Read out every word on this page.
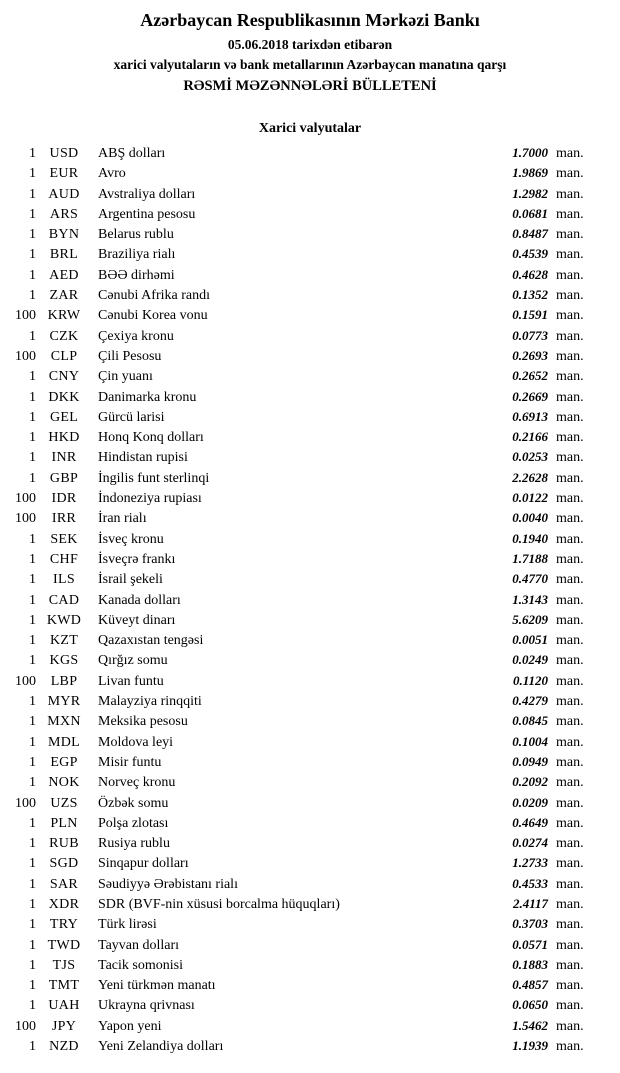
Azərbaycan Respublikasının Mərkəzi Bankı
05.06.2018 tarixdən etibarən
xarici valyutaların və bank metallarının Azərbaycan manatına qarşı
RƏSMİ MƏZƏNNƏLƏRİ BÜLLETENİ
Xarici valyutalar
1 USD	ABŞ dolları	1.7000 man.
1 EUR	Avro	1.9869 man.
1 AUD	Avstraliya dolları	1.2982 man.
1 ARS	Argentina pesosu	0.0681 man.
1 BYN	Belarus rublu	0.8487 man.
1 BRL	Braziliya rialı	0.4539 man.
1 AED	BƏƏ dirhəmi	0.4628 man.
1 ZAR	Cənubi Afrika randı	0.1352 man.
100 KRW	Cənubi Korea vonu	0.1591 man.
1 CZK	Çexiya kronu	0.0773 man.
100	CLP	Çili Pesosu	0.2693 man.
1 CNY	Çin yuanı	0.2652 man.
1 DKK	Danimarka kronu	0.2669 man.
1 GEL	Gürcü larisi	0.6913 man.
1 HKD	Honq Konq dolları	0.2166 man.
1	INR	Hindistan rupisi	0.0253 man.
1 GBP	İngilis funt sterlinqi	2.2628 man.
100	IDR	İndoneziya rupiası	0.0122 man.
100	IRR	İran rialı	0.0040 man.
1	SEK	İsveç kronu	0.1940 man.
1 CHF	İsveçrə frankı	1.7188 man.
1	ILS	İsrail şekeli	0.4770 man.
1 CAD	Kanada dolları	1.3143 man.
1 KWD	Küveyt dinarı	5.6209 man.
1 KZT	Qazaxıstan tengəsi	0.0051 man.
1 KGS	Qırğız somu	0.0249 man.
100	LBP	Livan funtu	0.1120 man.
1 MYR	Malayziya rinqqiti	0.4279 man.
1 MXN	Meksika pesosu	0.0845 man.
1 MDL	Moldova leyi	0.1004 man.
1	EGP	Misir funtu	0.0949 man.
1 NOK	Norveç kronu	0.2092 man.
100	UZS	Özbək somu	0.0209 man.
1	PLN	Polşa zlotası	0.4649 man.
1 RUB	Rusiya rublu	0.0274 man.
1 SGD	Sinqapur dolları	1.2733 man.
1 SAR	Səudiyyə Ərəbistanı rialı	0.4533 man.
1 XDR	SDR (BVF-nin xüsusi borcalma hüquqları)	2.4117 man.
1 TRY	Türk lirəsi	0.3703 man.
1 TWD	Tayvan dolları	0.0571 man.
1	TJS	Tacik somonisi	0.1883 man.
1 TMT	Yeni türkmən manatı	0.4857 man.
1 UAH	Ukrayna qrivnası	0.0650 man.
100	JPY	Yapon yeni	1.5462 man.
1 NZD	Yeni Zelandiya dolları	1.1939 man.
